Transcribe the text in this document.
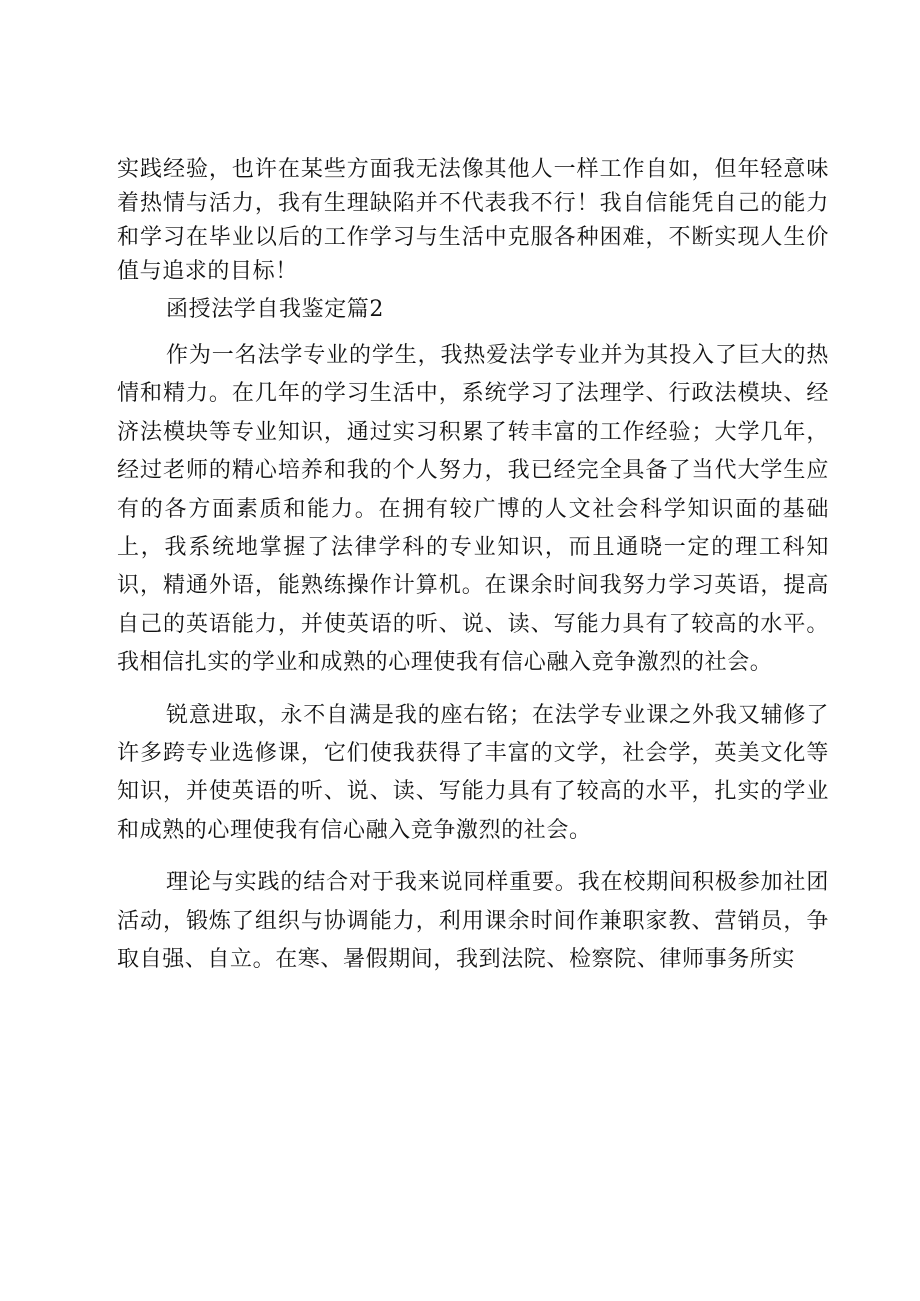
实践经验，也许在某些方面我无法像其他人一样工作自如，但年轻意味着热情与活力，我有生理缺陷并不代表我不行！我自信能凭自己的能力和学习在毕业以后的工作学习与生活中克服各种困难，不断实现人生价值与追求的目标！

函授法学自我鉴定篇2

作为一名法学专业的学生，我热爱法学专业并为其投入了巨大的热情和精力。在几年的学习生活中，系统学习了法理学、行政法模块、经济法模块等专业知识，通过实习积累了转丰富的工作经验；大学几年，经过老师的精心培养和我的个人努力，我已经完全具备了当代大学生应有的各方面素质和能力。在拥有较广博的人文社会科学知识面的基础上，我系统地掌握了法律学科的专业知识，而且通晓一定的理工科知识，精通外语，能熟练操作计算机。在课余时间我努力学习英语，提高自己的英语能力，并使英语的听、说、读、写能力具有了较高的水平。我相信扎实的学业和成熟的心理使我有信心融入竞争激烈的社会。

锐意进取，永不自满是我的座右铭；在法学专业课之外我又辅修了许多跨专业选修课，它们使我获得了丰富的文学，社会学，英美文化等知识，并使英语的听、说、读、写能力具有了较高的水平，扎实的学业和成熟的心理使我有信心融入竞争激烈的社会。

理论与实践的结合对于我来说同样重要。我在校期间积极参加社团活动，锻炼了组织与协调能力，利用课余时间作兼职家教、营销员，争取自强、自立。在寒、暑假期间，我到法院、检察院、律师事务所实
